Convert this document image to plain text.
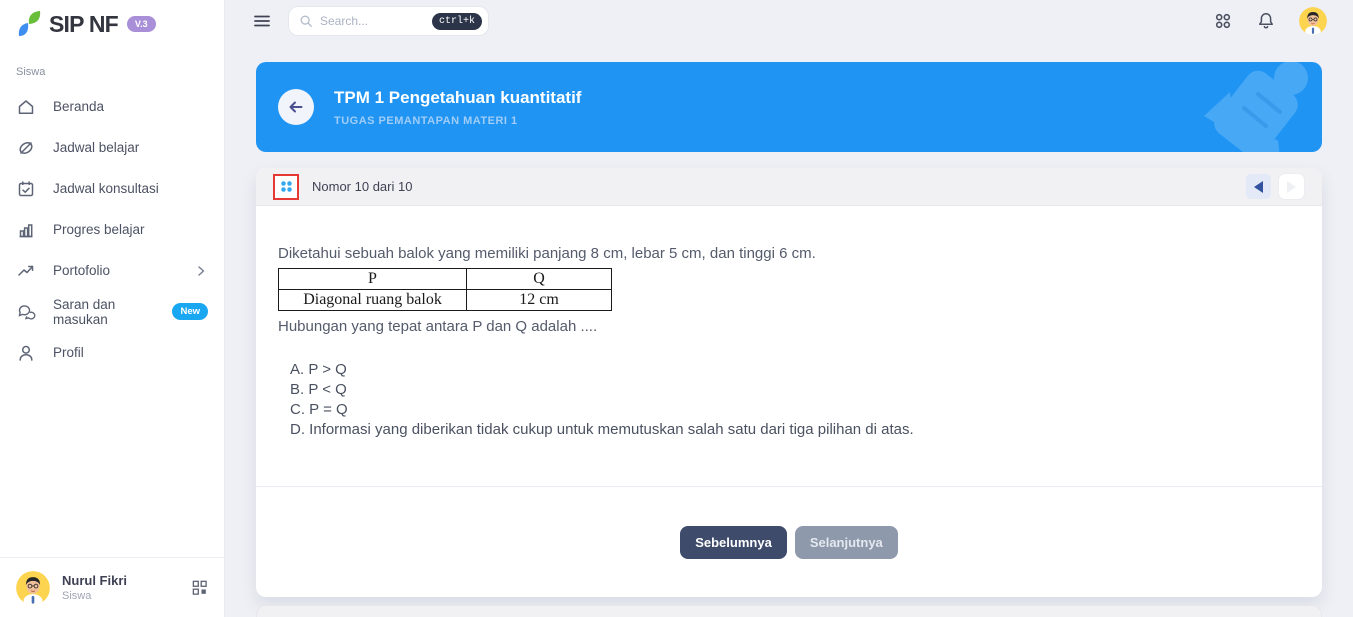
SIP NF	V.3
Siswa
Beranda
Jadwal belajar
Jadwal konsultasi
Progres belajar
Portofolio
Saran dan masukan	New
Profil
Nurul Fikri
Siswa
Search...
ctrl+k
TPM 1 Pengetahuan kuantitatif
TUGAS PEMANTAPAN MATERI 1
Nomor 10 dari 10
Diketahui sebuah balok yang memiliki panjang 8 cm, lebar 5 cm, dan tinggi 6 cm.
P	Q
Diagonal ruang balok	12 cm
Hubungan yang tepat antara P dan Q adalah ....
A. P > Q
B. P < Q
C. P = Q
D. Informasi yang diberikan tidak cukup untuk memutuskan salah satu dari tiga pilihan di atas.
Sebelumnya	Selanjutnya
